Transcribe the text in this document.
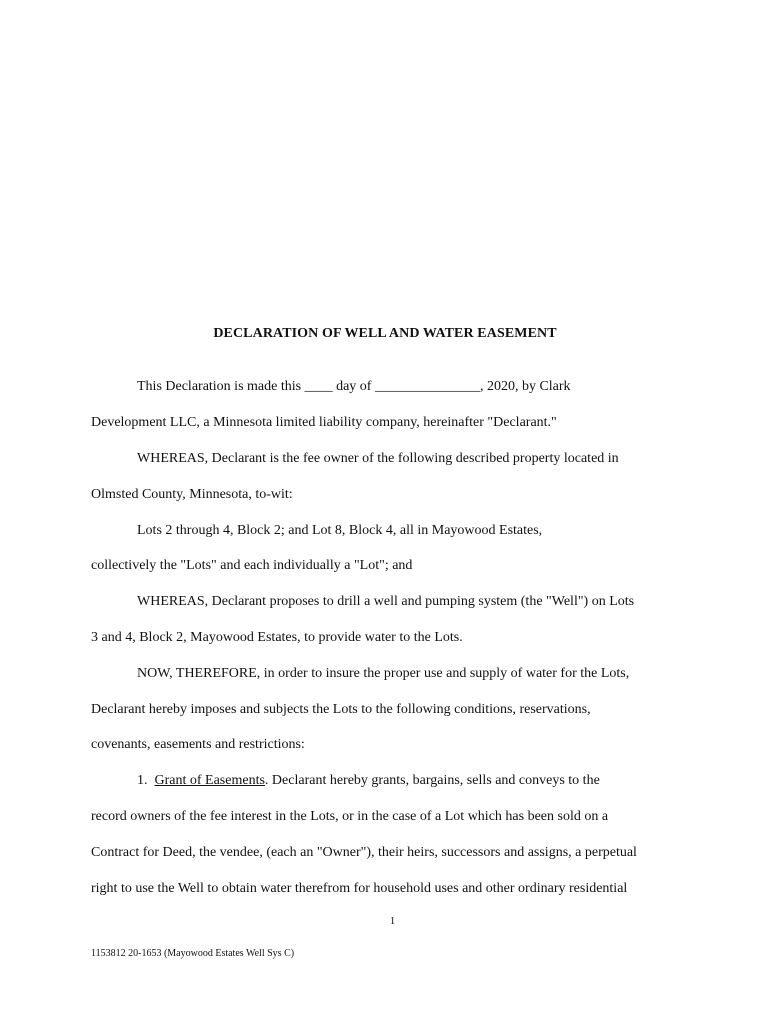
DECLARATION OF WELL AND WATER EASEMENT
This Declaration is made this ____ day of _______________, 2020, by Clark
Development LLC, a Minnesota limited liability company, hereinafter "Declarant."
WHEREAS, Declarant is the fee owner of the following described property located in
Olmsted County, Minnesota, to-wit:
Lots 2 through 4, Block 2; and Lot 8, Block 4, all in Mayowood Estates,
collectively the "Lots" and each individually a "Lot"; and
WHEREAS, Declarant proposes to drill a well and pumping system (the "Well") on Lots
3 and 4, Block 2, Mayowood Estates, to provide water to the Lots.
NOW, THEREFORE, in order to insure the proper use and supply of water for the Lots,
Declarant hereby imposes and subjects the Lots to the following conditions, reservations,
covenants, easements and restrictions:
1. Grant of Easements. Declarant hereby grants, bargains, sells and conveys to the
record owners of the fee interest in the Lots, or in the case of a Lot which has been sold on a
Contract for Deed, the vendee, (each an "Owner"), their heirs, successors and assigns, a perpetual
right to use the Well to obtain water therefrom for household uses and other ordinary residential
1
1153812 20-1653 (Mayowood Estates Well Sys C)
